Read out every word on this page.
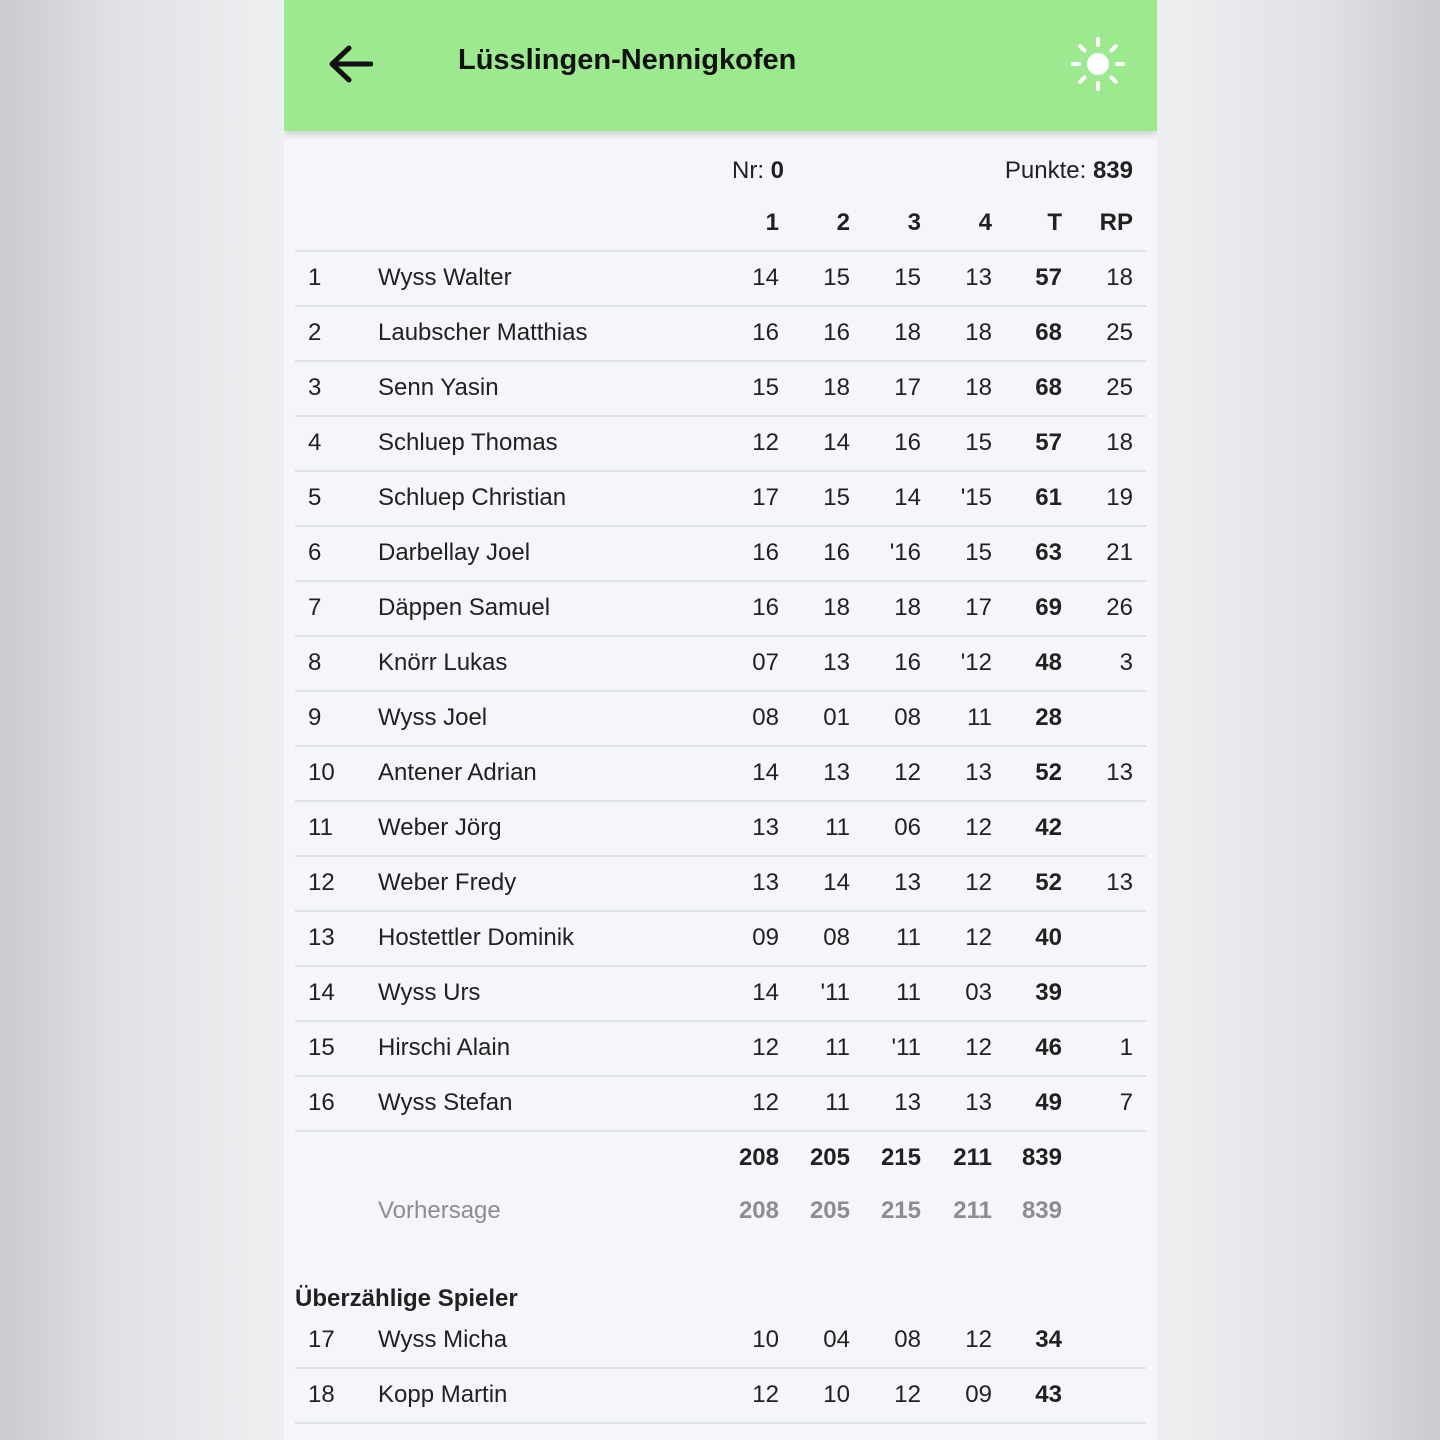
Lüsslingen-Nennigkofen
Nr: 0	Punkte: 839
1 2 3 4 T RP
1 Wyss Walter	14 15 15 13 57 18
2 Laubscher Matthias	16 16 18 18 68 25
3 Senn Yasin	15 18 17 18 68 25
4 Schluep Thomas	12 14 16 15 57 18
5 Schluep Christian	17 15 14 '15 61 19
6 Darbellay Joel	16 16 '16 15 63 21
7 Däppen Samuel	16 18 18 17 69 26
8 Knörr Lukas	07 13 16 '12 48 3
9 Wyss Joel	08 01 08 11 28
10 Antener Adrian	14 13 12 13 52 13
11 Weber Jörg	13 11 06 12 42
12 Weber Fredy	13 14 13 12 52 13
13 Hostettler Dominik	09 08 11 12 40
14 Wyss Urs	14 '11 11 03 39
15 Hirschi Alain	12 11 '11 12 46 1
16 Wyss Stefan	12 11 13 13 49 7
208 205 215 211 839
Vorhersage	208 205 215 211 839
Überzählige Spieler
17 Wyss Micha	10 04 08 12 34
18 Kopp Martin	12 10 12 09 43
